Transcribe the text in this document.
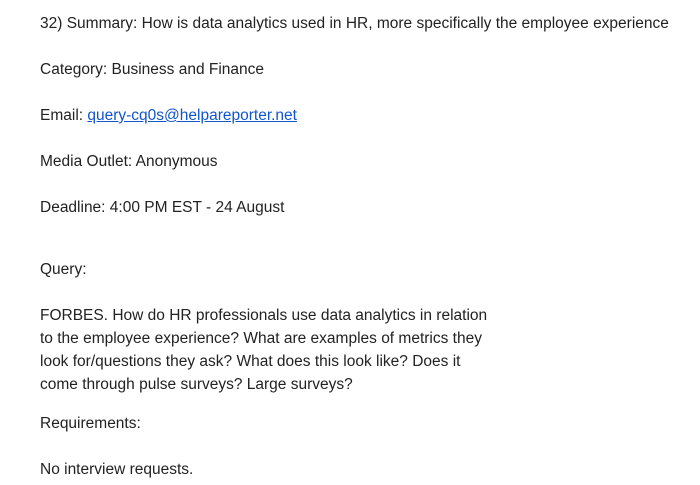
32) Summary: How is data analytics used in HR, more specifically the employee experience
Category: Business and Finance
Email: query-cq0s@helpareporter.net
Media Outlet: Anonymous
Deadline: 4:00 PM EST - 24 August
Query:
FORBES. How do HR professionals use data analytics in relation
to the employee experience? What are examples of metrics they
look for/questions they ask? What does this look like? Does it
come through pulse surveys? Large surveys?
Requirements:
No interview requests.
